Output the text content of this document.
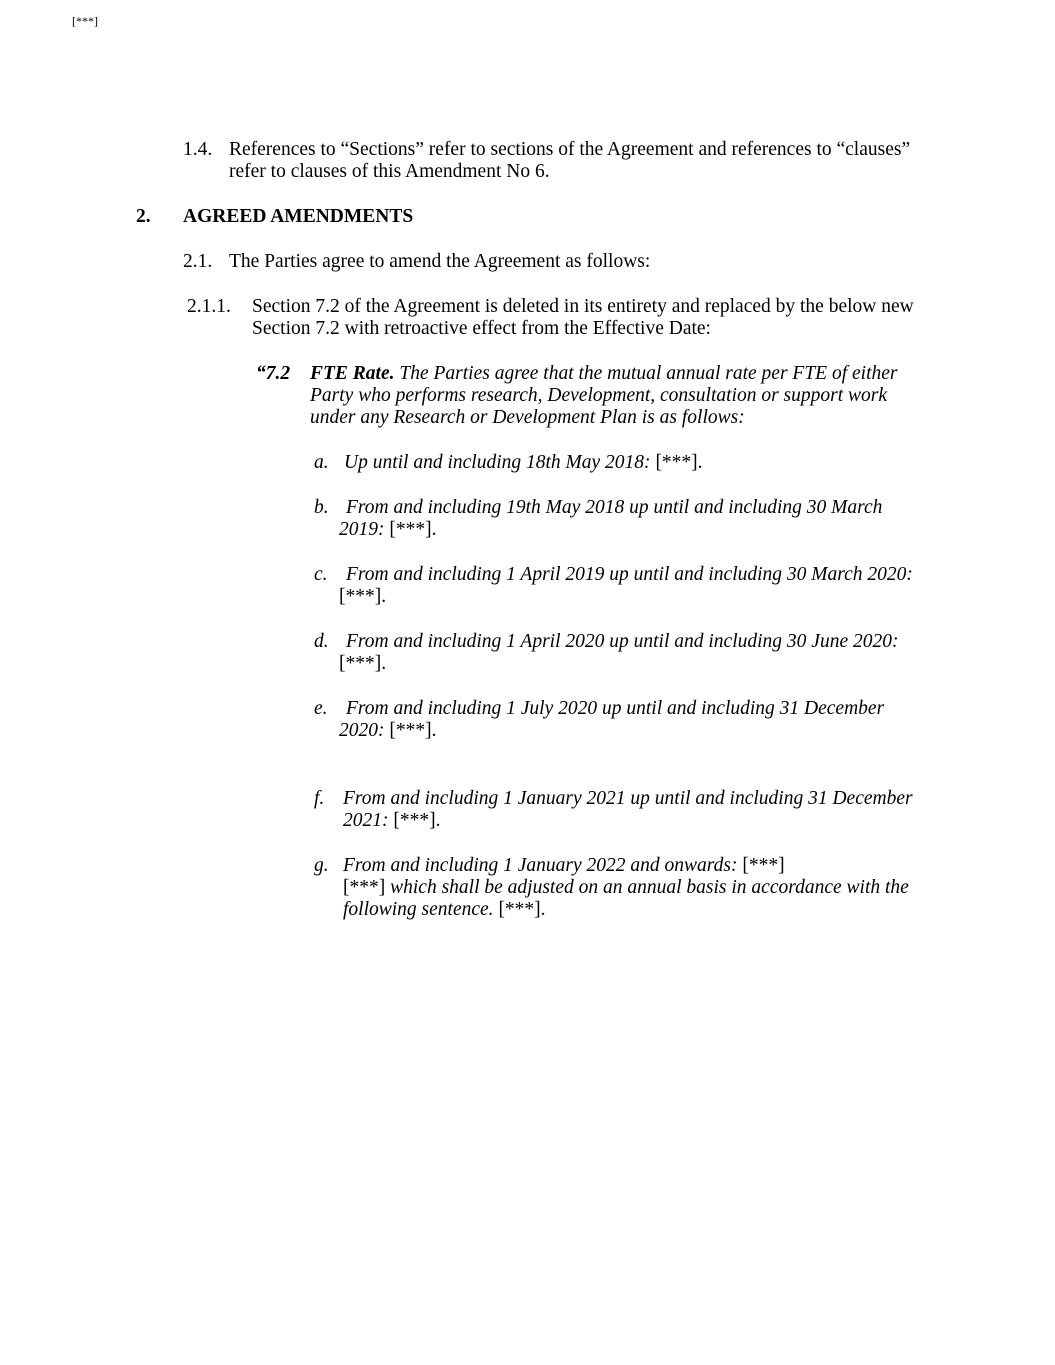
[***]
1.4. References to “Sections” refer to sections of the Agreement and references to “clauses”
refer to clauses of this Amendment No 6.
2. AGREED AMENDMENTS
2.1. The Parties agree to amend the Agreement as follows:
2.1.1. Section 7.2 of the Agreement is deleted in its entirety and replaced by the below new
Section 7.2 with retroactive effect from the Effective Date:
“7.2 FTE Rate. The Parties agree that the mutual annual rate per FTE of either
Party who performs research, Development, consultation or support work
under any Research or Development Plan is as follows:
a. Up until and including 18th May 2018: [***].
b. From and including 19th May 2018 up until and including 30 March
2019: [***].
c. From and including 1 April 2019 up until and including 30 March 2020:
[***].
d. From and including 1 April 2020 up until and including 30 June 2020:
[***].
e. From and including 1 July 2020 up until and including 31 December
2020: [***].
f. From and including 1 January 2021 up until and including 31 December
2021: [***].
g. From and including 1 January 2022 and onwards: [***]
[***] which shall be adjusted on an annual basis in accordance with the
following sentence. [***].
